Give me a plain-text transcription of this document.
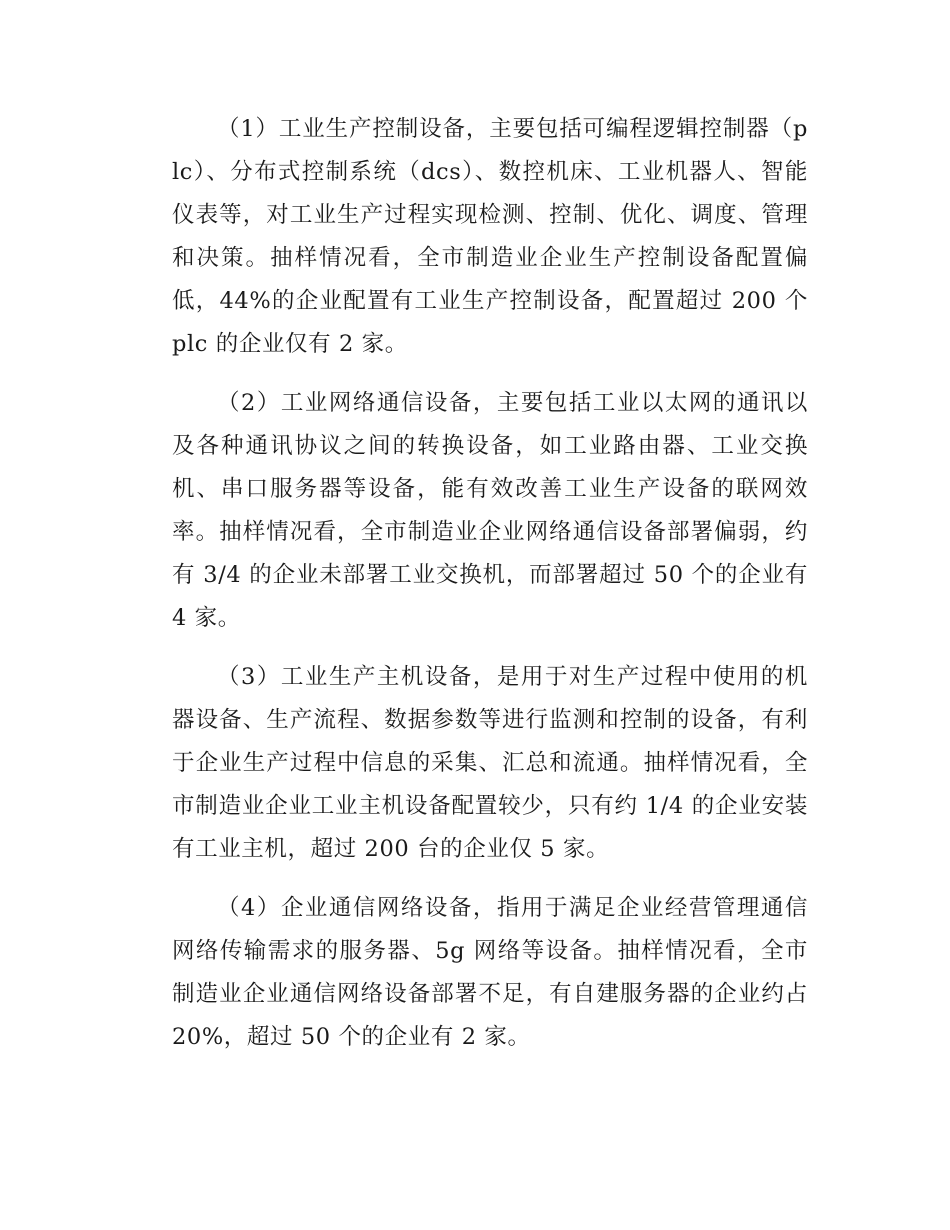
（1）工业生产控制设备，主要包括可编程逻辑控制器（plc）、分布式控制系统（dcs）、数控机床、工业机器人、智能仪表等，对工业生产过程实现检测、控制、优化、调度、管理和决策。抽样情况看，全市制造业企业生产控制设备配置偏低，44%的企业配置有工业生产控制设备，配置超过 200 个 plc 的企业仅有 2 家。

（2）工业网络通信设备，主要包括工业以太网的通讯以及各种通讯协议之间的转换设备，如工业路由器、工业交换机、串口服务器等设备，能有效改善工业生产设备的联网效率。抽样情况看，全市制造业企业网络通信设备部署偏弱，约有 3/4 的企业未部署工业交换机，而部署超过 50 个的企业有 4 家。

（3）工业生产主机设备，是用于对生产过程中使用的机器设备、生产流程、数据参数等进行监测和控制的设备，有利于企业生产过程中信息的采集、汇总和流通。抽样情况看，全市制造业企业工业主机设备配置较少，只有约 1/4 的企业安装有工业主机，超过 200 台的企业仅 5 家。

（4）企业通信网络设备，指用于满足企业经营管理通信网络传输需求的服务器、5g 网络等设备。抽样情况看，全市制造业企业通信网络设备部署不足，有自建服务器的企业约占 20%，超过 50 个的企业有 2 家。
